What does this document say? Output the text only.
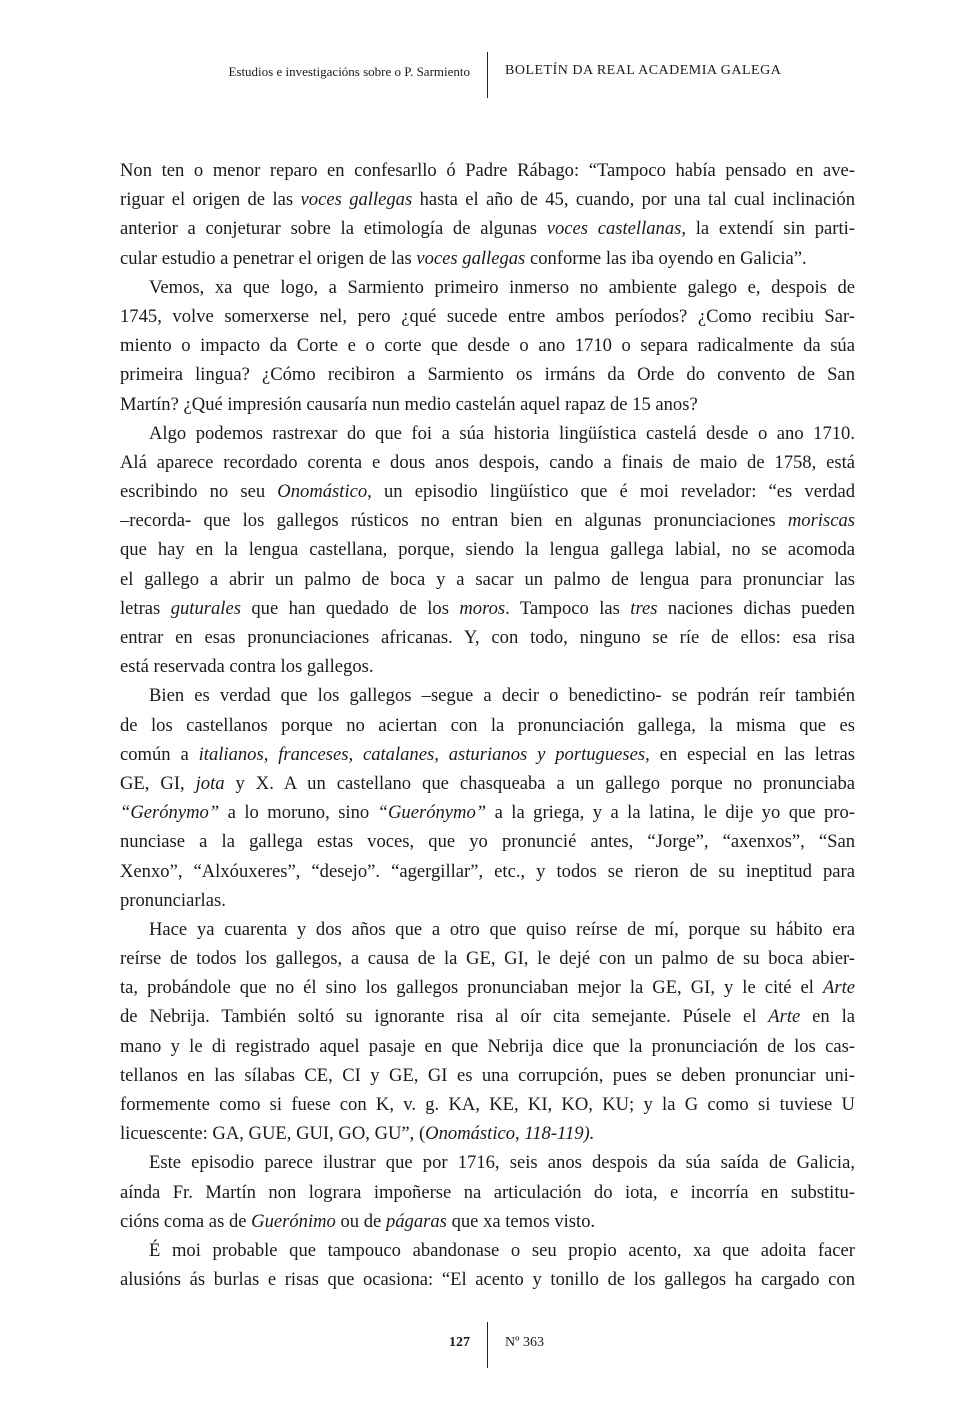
Estudios e investigacións sobre o P. Sarmiento	BOLETÍN DA REAL ACADEMIA GALEGA
Non ten o menor reparo en confesarllo ó Padre Rábago: “Tampoco había pensado en ave-
riguar el origen de las voces gallegas hasta el año de 45, cuando, por una tal cual inclinación
anterior a conjeturar sobre la etimología de algunas voces castellanas, la extendí sin parti-
cular estudio a penetrar el origen de las voces gallegas conforme las iba oyendo en Galicia”.
Vemos, xa que logo, a Sarmiento primeiro inmerso no ambiente galego e, despois de
1745, volve somerxerse nel, pero ¿qué sucede entre ambos períodos? ¿Como recibiu Sar-
miento o impacto da Corte e o corte que desde o ano 1710 o separa radicalmente da súa
primeira lingua? ¿Cómo recibiron a Sarmiento os irmáns da Orde do convento de San
Martín? ¿Qué impresión causaría nun medio castelán aquel rapaz de 15 anos?
Algo podemos rastrexar do que foi a súa historia lingüística castelá desde o ano 1710.
Alá aparece recordado corenta e dous anos despois, cando a finais de maio de 1758, está
escribindo no seu Onomástico, un episodio lingüístico que é moi revelador: “es verdad
–recorda- que los gallegos rústicos no entran bien en algunas pronunciaciones moriscas
que hay en la lengua castellana, porque, siendo la lengua gallega labial, no se acomoda
el gallego a abrir un palmo de boca y a sacar un palmo de lengua para pronunciar las
letras guturales que han quedado de los moros. Tampoco las tres naciones dichas pueden
entrar en esas pronunciaciones africanas. Y, con todo, ninguno se ríe de ellos: esa risa
está reservada contra los gallegos.
Bien es verdad que los gallegos –segue a decir o benedictino- se podrán reír también
de los castellanos porque no aciertan con la pronunciación gallega, la misma que es
común a italianos, franceses, catalanes, asturianos y portugueses, en especial en las letras
GE, GI, jota y X. A un castellano que chasqueaba a un gallego porque no pronunciaba
“Gerónymo” a lo moruno, sino “Guerónymo” a la griega, y a la latina, le dije yo que pro-
nunciase a la gallega estas voces, que yo pronuncié antes, “Jorge”, “axenxos”, “San
Xenxo”, “Alxóuxeres”, “desejo”. “agergillar”, etc., y todos se rieron de su ineptitud para
pronunciarlas.
Hace ya cuarenta y dos años que a otro que quiso reírse de mí, porque su hábito era
reírse de todos los gallegos, a causa de la GE, GI, le dejé con un palmo de su boca abier-
ta, probándole que no él sino los gallegos pronunciaban mejor la GE, GI, y le cité el Arte
de Nebrija. También soltó su ignorante risa al oír cita semejante. Púsele el Arte en la
mano y le di registrado aquel pasaje en que Nebrija dice que la pronunciación de los cas-
tellanos en las sílabas CE, CI y GE, GI es una corrupción, pues se deben pronunciar uni-
formemente como si fuese con K, v. g. KA, KE, KI, KO, KU; y la G como si tuviese U
licuescente: GA, GUE, GUI, GO, GU”, (Onomástico, 118-119).
Este episodio parece ilustrar que por 1716, seis anos despois da súa saída de Galicia,
aínda Fr. Martín non lograra impoñerse na articulación do iota, e incorría en substitu-
cións coma as de Guerónimo ou de págaras que xa temos visto.
É moi probable que tampouco abandonase o seu propio acento, xa que adoita facer
alusións ás burlas e risas que ocasiona: “El acento y tonillo de los gallegos ha cargado con
127	Nº 363
